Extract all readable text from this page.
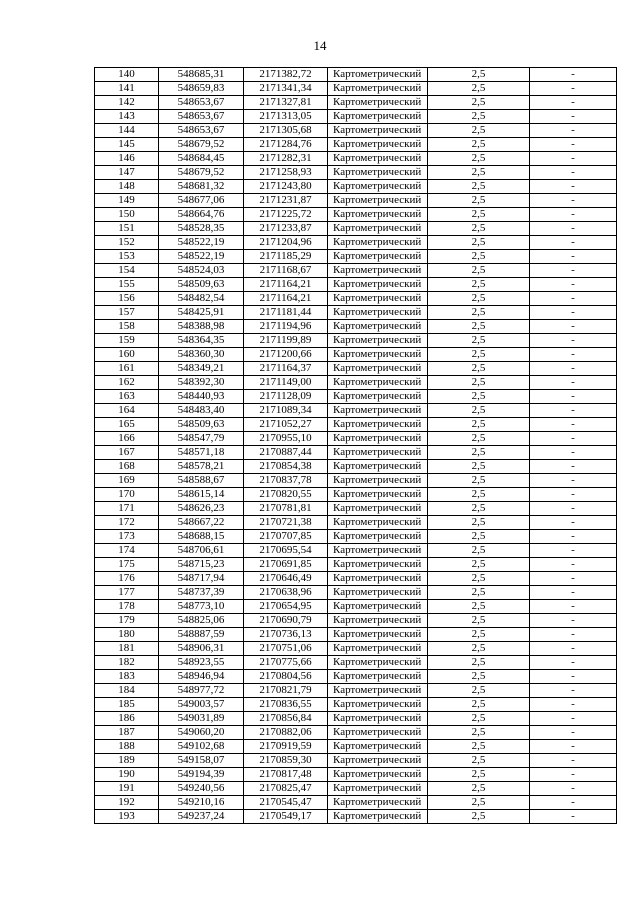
14
140	548685,31	2171382,72	Картометрический	2,5	-
141	548659,83	2171341,34	Картометрический	2,5	-
142	548653,67	2171327,81	Картометрический	2,5	-
143	548653,67	2171313,05	Картометрический	2,5	-
144	548653,67	2171305,68	Картометрический	2,5	-
145	548679,52	2171284,76	Картометрический	2,5	-
146	548684,45	2171282,31	Картометрический	2,5	-
147	548679,52	2171258,93	Картометрический	2,5	-
148	548681,32	2171243,80	Картометрический	2,5	-
149	548677,06	2171231,87	Картометрический	2,5	-
150	548664,76	2171225,72	Картометрический	2,5	-
151	548528,35	2171233,87	Картометрический	2,5	-
152	548522,19	2171204,96	Картометрический	2,5	-
153	548522,19	2171185,29	Картометрический	2,5	-
154	548524,03	2171168,67	Картометрический	2,5	-
155	548509,63	2171164,21	Картометрический	2,5	-
156	548482,54	2171164,21	Картометрический	2,5	-
157	548425,91	2171181,44	Картометрический	2,5	-
158	548388,98	2171194,96	Картометрический	2,5	-
159	548364,35	2171199,89	Картометрический	2,5	-
160	548360,30	2171200,66	Картометрический	2,5	-
161	548349,21	2171164,37	Картометрический	2,5	-
162	548392,30	2171149,00	Картометрический	2,5	-
163	548440,93	2171128,09	Картометрический	2,5	-
164	548483,40	2171089,34	Картометрический	2,5	-
165	548509,63	2171052,27	Картометрический	2,5	-
166	548547,79	2170955,10	Картометрический	2,5	-
167	548571,18	2170887,44	Картометрический	2,5	-
168	548578,21	2170854,38	Картометрический	2,5	-
169	548588,67	2170837,78	Картометрический	2,5	-
170	548615,14	2170820,55	Картометрический	2,5	-
171	548626,23	2170781,81	Картометрический	2,5	-
172	548667,22	2170721,38	Картометрический	2,5	-
173	548688,15	2170707,85	Картометрический	2,5	-
174	548706,61	2170695,54	Картометрический	2,5	-
175	548715,23	2170691,85	Картометрический	2,5	-
176	548717,94	2170646,49	Картометрический	2,5	-
177	548737,39	2170638,96	Картометрический	2,5	-
178	548773,10	2170654,95	Картометрический	2,5	-
179	548825,06	2170690,79	Картометрический	2,5	-
180	548887,59	2170736,13	Картометрический	2,5	-
181	548906,31	2170751,06	Картометрический	2,5	-
182	548923,55	2170775,66	Картометрический	2,5	-
183	548946,94	2170804,56	Картометрический	2,5	-
184	548977,72	2170821,79	Картометрический	2,5	-
185	549003,57	2170836,55	Картометрический	2,5	-
186	549031,89	2170856,84	Картометрический	2,5	-
187	549060,20	2170882,06	Картометрический	2,5	-
188	549102,68	2170919,59	Картометрический	2,5	-
189	549158,07	2170859,30	Картометрический	2,5	-
190	549194,39	2170817,48	Картометрический	2,5	-
191	549240,56	2170825,47	Картометрический	2,5	-
192	549210,16	2170545,47	Картометрический	2,5	-
193	549237,24	2170549,17	Картометрический	2,5	-
